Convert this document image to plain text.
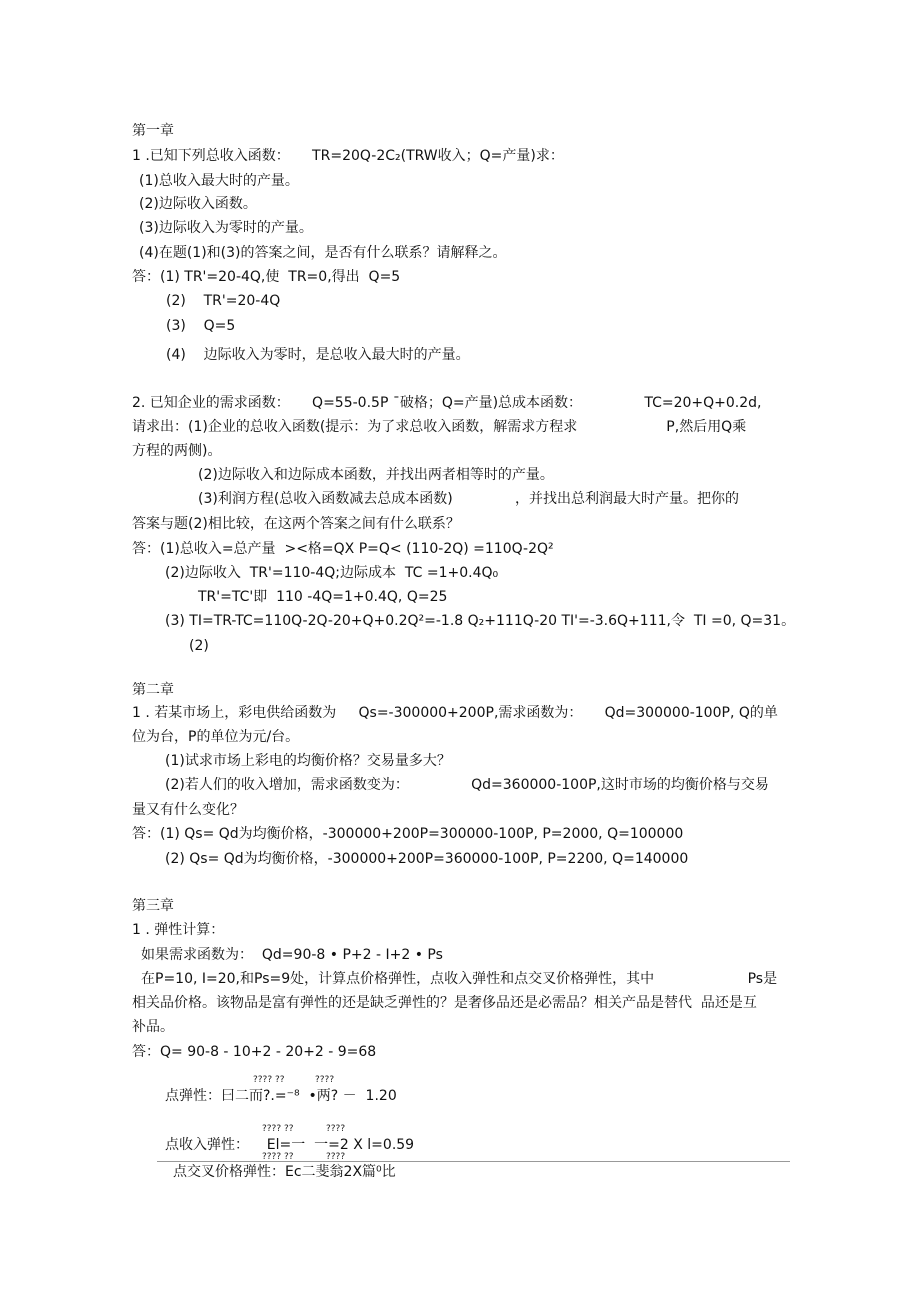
第一章
1 .已知下列总收入函数：     TR=20Q-2C₂(TRW收入；Q=产量)求：
(1)总收入最大时的产量。
(2)边际收入函数。
(3)边际收入为零时的产量。
(4)在题(1)和(3)的答案之间，是否有什么联系？请解释之。
答：(1) TR'=20-4Q,使  TR=0,得出  Q=5
(2)    TR'=20-4Q
(3)    Q=5
(4)    边际收入为零时，是总收入最大时的产量。
2. 已知企业的需求函数：     Q=55-0.5P ˉ破格；Q=产量)总成本函数：              TC=20+Q+0.2d,
请求出：(1)企业的总收入函数(提示：为了求总收入函数，解需求方程求                    P,然后用Q乘
方程的两侧)。
(2)边际收入和边际成本函数，并找出两者相等时的产量。
(3)利润方程(总收入函数减去总成本函数)              ，并找出总利润最大时产量。把你的
答案与题(2)相比较，在这两个答案之间有什么联系？
答：(1)总收入=总产量  ><格=QX P=Q< (110-2Q) =110Q-2Q²
(2)边际收入  TR'=110-4Q;边际成本  TC =1+0.4Q₀
TR'=TC'即  110 -4Q=1+0.4Q, Q=25
(3) TI=TR-TC=110Q-2Q-20+Q+0.2Q²=-1.8 Q₂+111Q-20 TI'=-3.6Q+111,令  TI =0, Q=31。
(2)
第二章
1 . 若某市场上，彩电供给函数为     Qs=-300000+200P,需求函数为：     Qd=300000-100P, Q的单
位为台，P的单位为元/台。
(1)试求市场上彩电的均衡价格？交易量多大？
(2)若人们的收入增加，需求函数变为：              Qd=360000-100P,这时市场的均衡价格与交易
量又有什么变化？
答：(1) Qs= Qd为均衡价格，-300000+200P=300000-100P, P=2000, Q=100000
(2) Qs= Qd为均衡价格，-300000+200P=360000-100P, P=2200, Q=140000
第三章
1 . 弹性计算：
如果需求函数为：  Qd=90-8 • P+2 - I+2 • Ps
在P=10, I=20,和Ps=9处，计算点价格弹性，点收入弹性和点交叉价格弹性，其中                     Ps是
相关品价格。该物品是富有弹性的还是缺乏弹性的？是奢侈品还是必需品？相关产品是替代  品还是互
补品。
答：Q= 90-8 - 10+2 - 20+2 - 9=68
???? ??	????
点弹性：曰二而?.=⁻⁸  •两? －  1.20
???? ??	????
点收入弹性：    El=一  一=2 X l=0.59
???? ??	????
点交叉价格弹性：Ec二斐翁2X篇⁰比
